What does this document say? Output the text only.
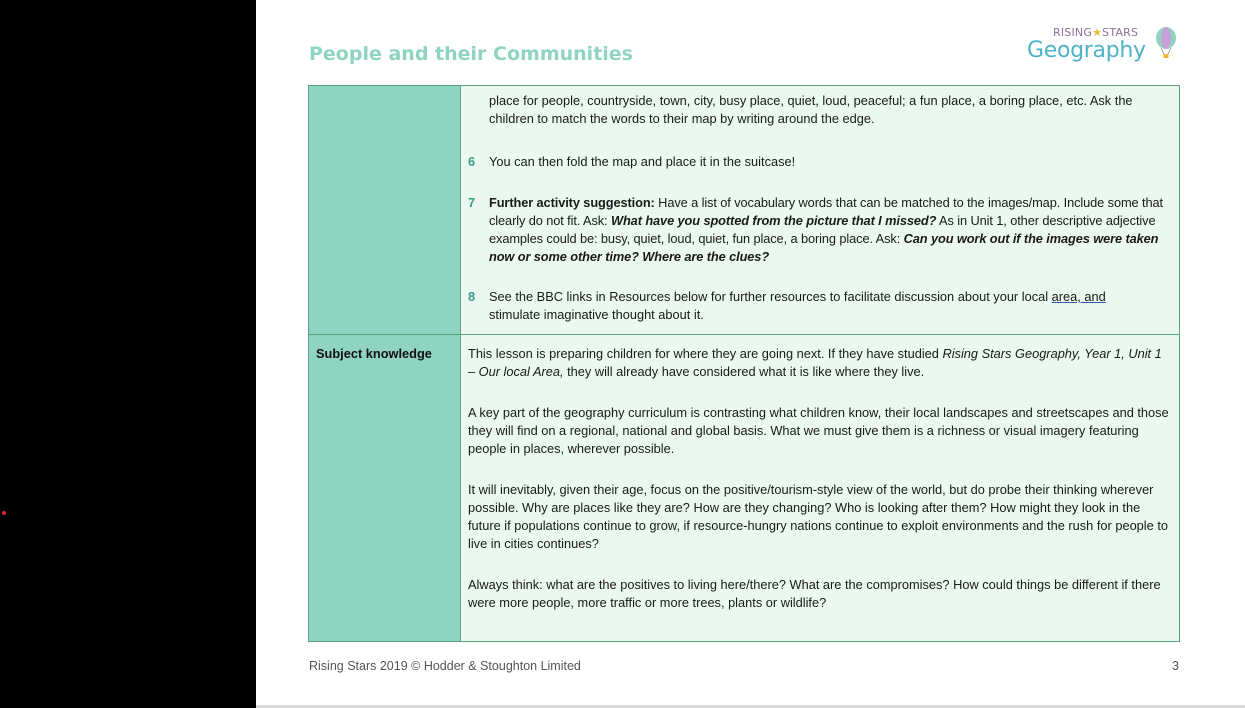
People and their Communities
RISING★STARS
Geography
place for people, countryside, town, city, busy place, quiet, loud, peaceful; a fun place, a boring place, etc. Ask the children to match the words to their map by writing around the edge.
6 You can then fold the map and place it in the suitcase!
7 Further activity suggestion: Have a list of vocabulary words that can be matched to the images/map. Include some that clearly do not fit. Ask: What have you spotted from the picture that I missed? As in Unit 1, other descriptive adjective examples could be: busy, quiet, loud, quiet, fun place, a boring place. Ask: Can you work out if the images were taken now or some other time? Where are the clues?
8 See the BBC links in Resources below for further resources to facilitate discussion about your local area, and stimulate imaginative thought about it.
Subject knowledge	This lesson is preparing children for where they are going next. If they have studied Rising Stars Geography, Year 1, Unit 1 – Our local Area, they will already have considered what it is like where they live.
A key part of the geography curriculum is contrasting what children know, their local landscapes and streetscapes and those they will find on a regional, national and global basis. What we must give them is a richness or visual imagery featuring people in places, wherever possible.
It will inevitably, given their age, focus on the positive/tourism-style view of the world, but do probe their thinking wherever possible. Why are places like they are? How are they changing? Who is looking after them? How might they look in the future if populations continue to grow, if resource-hungry nations continue to exploit environments and the rush for people to live in cities continues?
Always think: what are the positives to living here/there? What are the compromises? How could things be different if there were more people, more traffic or more trees, plants or wildlife?
Rising Stars 2019 © Hodder & Stoughton Limited	3
